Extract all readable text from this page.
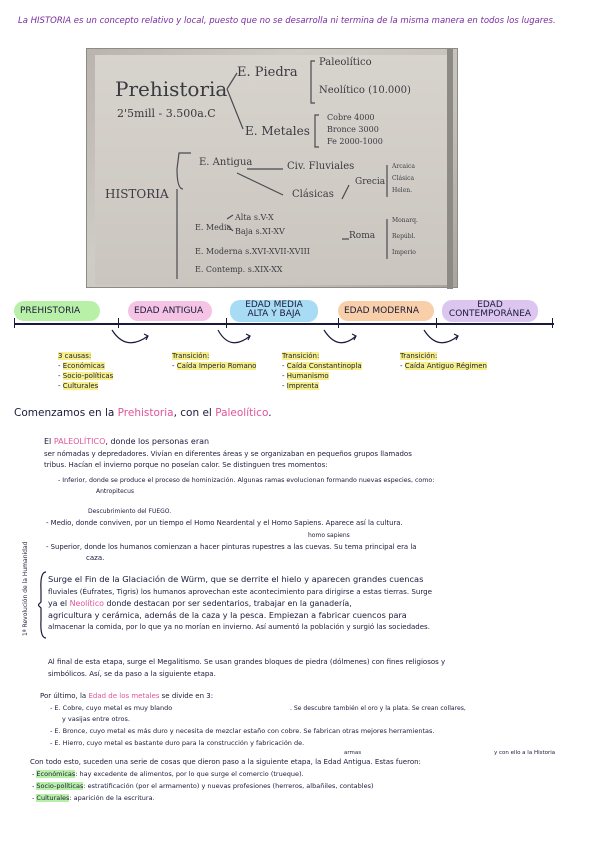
La HISTORIA es un concepto relativo y local, puesto que no se desarrolla ni termina de la misma manera en todos los lugares.
Prehistoria
2'5mill - 3.500a.C
E. Piedra
Paleolítico
Neolítico (10.000)
E. Metales
Cobre 4000
Bronce 3000
Fe 2000-1000
HISTORIA
E. Antigua	Civ. Fluviales
Clásicas
Grecia
Arcaica
Clásica
Helen.
Roma
Monarq.
Repúbl.
Imperio
E. Media
Alta s.V-X
Baja s.XI-XV
E. Moderna s.XVI-XVII-XVIII
E. Contemp. s.XIX-XX
PREHISTORIA	EDAD ANTIGUA
EDAD MEDIA
ALTA Y BAJA	EDAD MODERNA
EDAD
CONTEMPORÁNEA
3 causas:
- Económicas
- Socio-políticas
- Culturales
Transición:
- Caída Imperio Romano
Transición:
- Caída Constantinopla
- Humanismo
- Imprenta
Transición:
- Caída Antiguo Régimen
Comenzamos en la Prehistoria, con el Paleolítico.
El PALEOLÍTICO, donde los personas eran
ser nómadas y depredadores. Vivían en diferentes áreas y se organizaban en pequeños grupos llamados
tribus. Hacían el invierno porque no poseían calor. Se distinguen tres momentos:
- Inferior, donde se produce el proceso de hominización. Algunas ramas evolucionan formando nuevas especies, como:
Antropitecus
Descubrimiento del FUEGO.
- Medio, donde conviven, por un tiempo el Homo Neardental y el Homo Sapiens. Aparece así la cultura.
homo sapiens
- Superior, donde los humanos comienzan a hacer pinturas rupestres a las cuevas. Su tema principal era la
caza.
1ª Revolución de la Humanidad Surge el Fin de la Glaciación de Würm, que se derrite el hielo y aparecen grandes cuencas
fluviales (Éufrates, Tigris) los humanos aprovechan este acontecimiento para dirigirse a estas tierras. Surge
ya el Neolítico donde destacan por ser sedentarios, trabajar en la ganadería,
agricultura y cerámica, además de la caza y la pesca. Empiezan a fabricar cuencos para
almacenar la comida, por lo que ya no morían en invierno. Así aumentó la población y surgió las sociedades.
Al final de esta etapa, surge el Megalitismo. Se usan grandes bloques de piedra (dólmenes) con fines religiosos y
simbólicos. Así, se da paso a la siguiente etapa.
Por último, la Edad de los metales se divide en 3:
- E. Cobre, cuyo metal es muy blando	. Se descubre también el oro y la plata. Se crean collares,
y vasijas entre otros.
- E. Bronce, cuyo metal es más duro y necesita de mezclar estaño con cobre. Se fabrican otras mejores herramientas.
- E. Hierro, cuyo metal es bastante duro para la construcción y fabricación de.
armas	y con ello a la Historia
Con todo esto, suceden una serie de cosas que dieron paso a la siguiente etapa, la Edad Antigua. Estas fueron:
- Económicas: hay excedente de alimentos, por lo que surge el comercio (trueque).
- Socio-políticas: estratificación (por el armamento) y nuevas profesiones (herreros, albañiles, contables)
- Culturales: aparición de la escritura.
